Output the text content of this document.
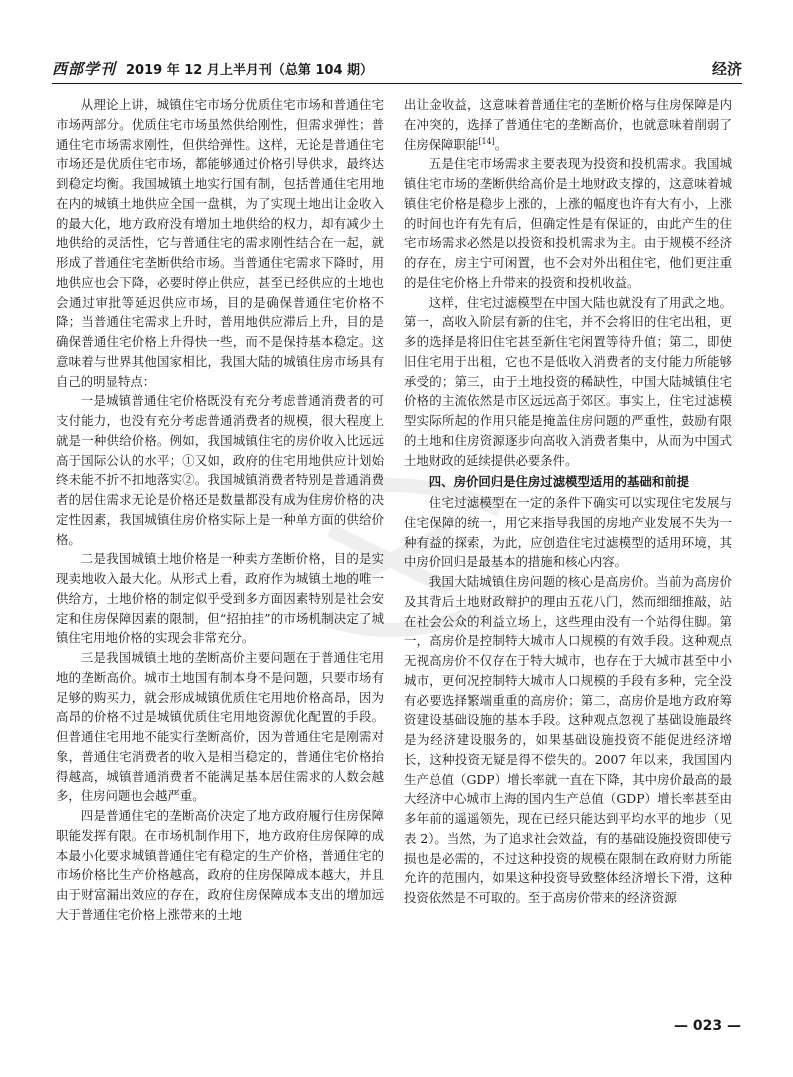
西部学刊 2019 年 12 月上半月刊（总第 104 期）	经济

从理论上讲，城镇住宅市场分优质住宅市场和普通住宅市场两部分。优质住宅市场虽然供给刚性，但需求弹性；普通住宅市场需求刚性，但供给弹性。这样，无论是普通住宅市场还是优质住宅市场，都能够通过价格引导供求，最终达到稳定均衡。我国城镇土地实行国有制，包括普通住宅用地在内的城镇土地供应全国一盘棋，为了实现土地出让金收入的最大化，地方政府没有增加土地供给的权力，却有减少土地供给的灵活性，它与普通住宅的需求刚性结合在一起，就形成了普通住宅垄断供给市场。当普通住宅需求下降时，用地供应也会下降，必要时停止供应，甚至已经供应的土地也会通过审批等延迟供应市场，目的是确保普通住宅价格不降；当普通住宅需求上升时，普用地供应滞后上升，目的是确保普通住宅价格上升得快一些，而不是保持基本稳定。这意味着与世界其他国家相比，我国大陆的城镇住房市场具有自己的明显特点：

一是城镇普通住宅价格既没有充分考虑普通消费者的可支付能力，也没有充分考虑普通消费者的规模，很大程度上就是一种供给价格。例如，我国城镇住宅的房价收入比远远高于国际公认的水平；①又如，政府的住宅用地供应计划始终未能不折不扣地落实②。我国城镇消费者特别是普通消费者的居住需求无论是价格还是数量都没有成为住房价格的决定性因素，我国城镇住房价格实际上是一种单方面的供给价格。

二是我国城镇土地价格是一种卖方垄断价格，目的是实现卖地收入最大化。从形式上看，政府作为城镇土地的唯一供给方，土地价格的制定似乎受到多方面因素特别是社会安定和住房保障因素的限制，但“招拍挂”的市场机制决定了城镇住宅用地价格的实现会非常充分。

三是我国城镇土地的垄断高价主要问题在于普通住宅用地的垄断高价。城市土地国有制本身不是问题，只要市场有足够的购买力，就会形成城镇优质住宅用地价格高昂，因为高昂的价格不过是城镇优质住宅用地资源优化配置的手段。但普通住宅用地不能实行垄断高价，因为普通住宅是刚需对象，普通住宅消费者的收入是相当稳定的，普通住宅价格抬得越高，城镇普通消费者不能满足基本居住需求的人数会越多，住房问题也会越严重。

四是普通住宅的垄断高价决定了地方政府履行住房保障职能发挥有限。在市场机制作用下，地方政府住房保障的成本最小化要求城镇普通住宅有稳定的生产价格，普通住宅的市场价格比生产价格越高，政府的住房保障成本越大，并且由于财富漏出效应的存在，政府住房保障成本支出的增加远大于普通住宅价格上涨带来的土地

出让金收益，这意味着普通住宅的垄断价格与住房保障是内在冲突的，选择了普通住宅的垄断高价，也就意味着削弱了住房保障职能[14]。

五是住宅市场需求主要表现为投资和投机需求。我国城镇住宅市场的垄断供给高价是土地财政支撑的，这意味着城镇住宅价格是稳步上涨的，上涨的幅度也许有大有小，上涨的时间也许有先有后，但确定性是有保证的，由此产生的住宅市场需求必然是以投资和投机需求为主。由于规模不经济的存在，房主宁可闲置，也不会对外出租住宅，他们更注重的是住宅价格上升带来的投资和投机收益。

这样，住宅过滤模型在中国大陆也就没有了用武之地。第一，高收入阶层有新的住宅，并不会将旧的住宅出租，更多的选择是将旧住宅甚至新住宅闲置等待升值；第二，即使旧住宅用于出租，它也不是低收入消费者的支付能力所能够承受的；第三，由于土地投资的稀缺性，中国大陆城镇住宅价格的主流依然是市区远远高于郊区。事实上，住宅过滤模型实际所起的作用只能是掩盖住房问题的严重性，鼓励有限的土地和住房资源逐步向高收入消费者集中，从而为中国式土地财政的延续提供必要条件。

四、房价回归是住房过滤模型适用的基础和前提

住宅过滤模型在一定的条件下确实可以实现住宅发展与住宅保障的统一，用它来指导我国的房地产业发展不失为一种有益的探索，为此，应创造住宅过滤模型的适用环境，其中房价回归是最基本的措施和核心内容。

我国大陆城镇住房问题的核心是高房价。当前为高房价及其背后土地财政辩护的理由五花八门，然而细细推敲，站在社会公众的利益立场上，这些理由没有一个站得住脚。第一，高房价是控制特大城市人口规模的有效手段。这种观点无视高房价不仅存在于特大城市，也存在于大城市甚至中小城市，更何况控制特大城市人口规模的手段有多种，完全没有必要选择繁端重重的高房价；第二，高房价是地方政府筹资建设基础设施的基本手段。这种观点忽视了基础设施最终是为经济建设服务的，如果基础设施投资不能促进经济增长，这种投资无疑是得不偿失的。2007 年以来，我国国内生产总值（GDP）增长率就一直在下降，其中房价最高的最大经济中心城市上海的国内生产总值（GDP）增长率甚至由多年前的遥遥领先，现在已经只能达到平均水平的地步（见表 2）。当然，为了追求社会效益，有的基础设施投资即使亏损也是必需的，不过这种投资的规模在限制在政府财力所能允许的范围内，如果这种投资导致整体经济增长下滑，这种投资依然是不可取的。至于高房价带来的经济资源

— 023 —
